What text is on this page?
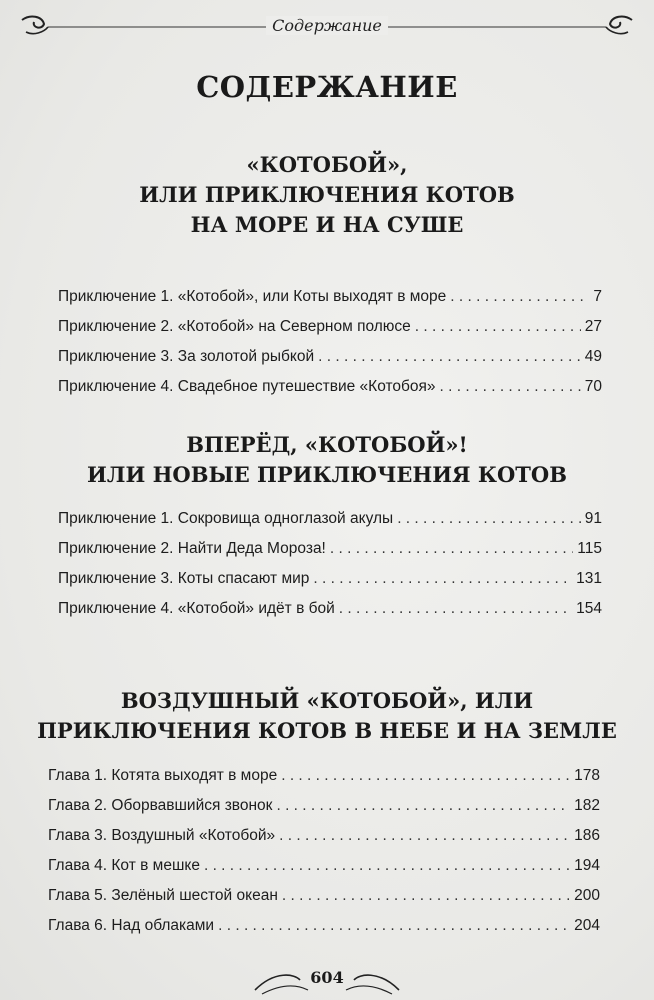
Содержание
СОДЕРЖАНИЕ
«КОТОБОЙ»,
ИЛИ ПРИКЛЮЧЕНИЯ КОТОВ
НА МОРЕ И НА СУШЕ
Приключение 1. «Котобой», или Коты выходят в море . . .	7
Приключение 2. «Котобой» на Северном полюсе . . .	27
Приключение 3. За золотой рыбкой . . .	49
Приключение 4. Свадебное путешествие «Котобоя» . . .	70
ВПЕРЁД, «КОТОБОЙ»!
ИЛИ НОВЫЕ ПРИКЛЮЧЕНИЯ КОТОВ
Приключение 1. Сокровища одноглазой акулы . . .	91
Приключение 2. Найти Деда Мороза! . . .	115
Приключение 3. Коты спасают мир . . .	131
Приключение 4. «Котобой» идёт в бой . . .	154
ВОЗДУШНЫЙ «КОТОБОЙ», ИЛИ
ПРИКЛЮЧЕНИЯ КОТОВ В НЕБЕ И НА ЗЕМЛЕ
Глава 1. Котята выходят в море . . .	178
Глава 2. Оборвавшийся звонок . . .	182
Глава 3. Воздушный «Котобой» . . .	186
Глава 4. Кот в мешке . . .	194
Глава 5. Зелёный шестой океан . . .	200
Глава 6. Над облаками . . .	204
604
